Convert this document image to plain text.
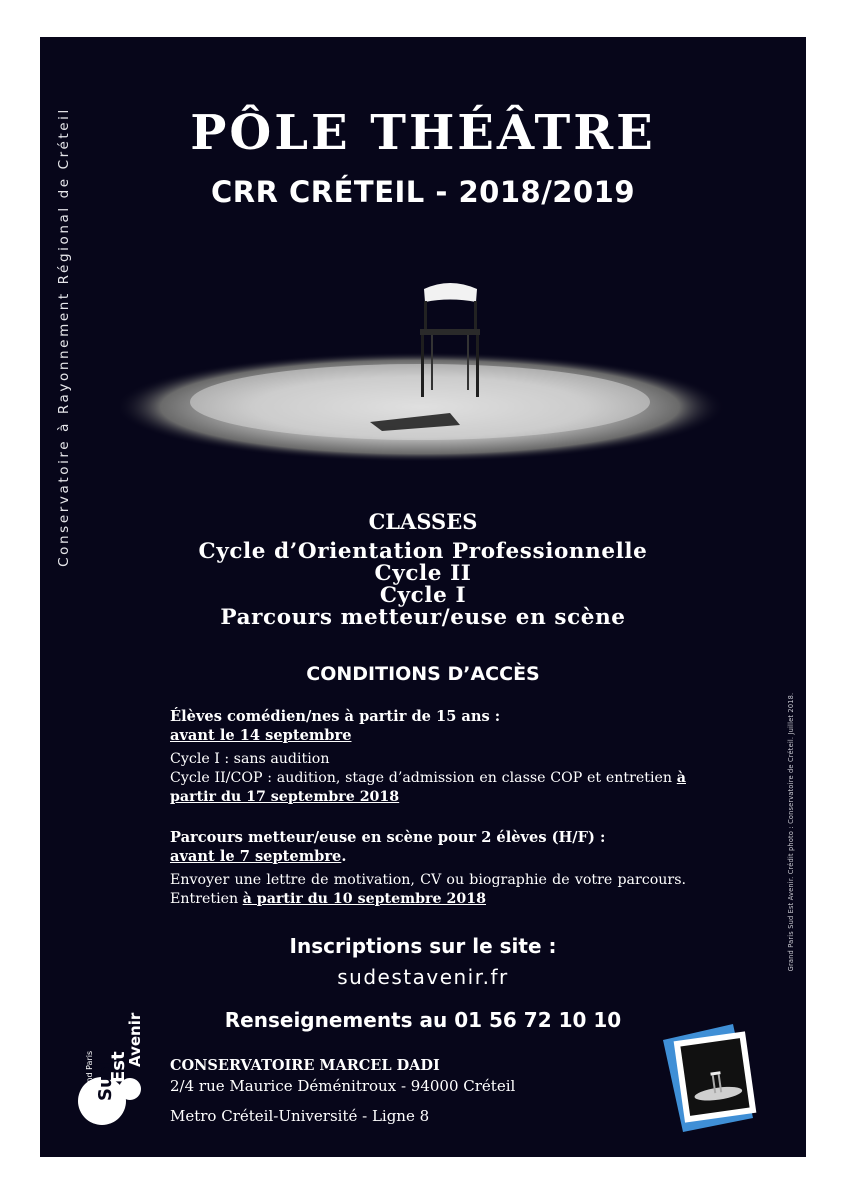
Conservatoire à Rayonnement Régional de Créteil
Grand Paris Sud Est Avenir. Crédit photo : Conservatoire de Créteil. Juillet 2018.
PÔLE THÉÂTRE
CRR CRÉTEIL - 2018/2019
CLASSES
Cycle d’Orientation Professionnelle
Cycle II
Cycle I
Parcours metteur/euse en scène
CONDITIONS D’ACCÈS
Élèves comédien/nes à partir de 15 ans :
avant le 14 septembre
Cycle I : sans audition
Cycle II/COP : audition, stage d’admission en classe COP et entretien à partir du 17 septembre 2018
Parcours metteur/euse en scène pour 2 élèves (H/F) :
avant le 7 septembre.
Envoyer une lettre de motivation, CV ou biographie de votre parcours. Entretien à partir du 10 septembre 2018
Inscriptions sur le site :
sudestavenir.fr
Renseignements au 01 56 72 10 10
Grand Paris Sud
Est
Avenir CONSERVATOIRE MARCEL DADI
2/4 rue Maurice Déménitroux - 94000 Créteil
Metro Créteil-Université - Ligne 8
